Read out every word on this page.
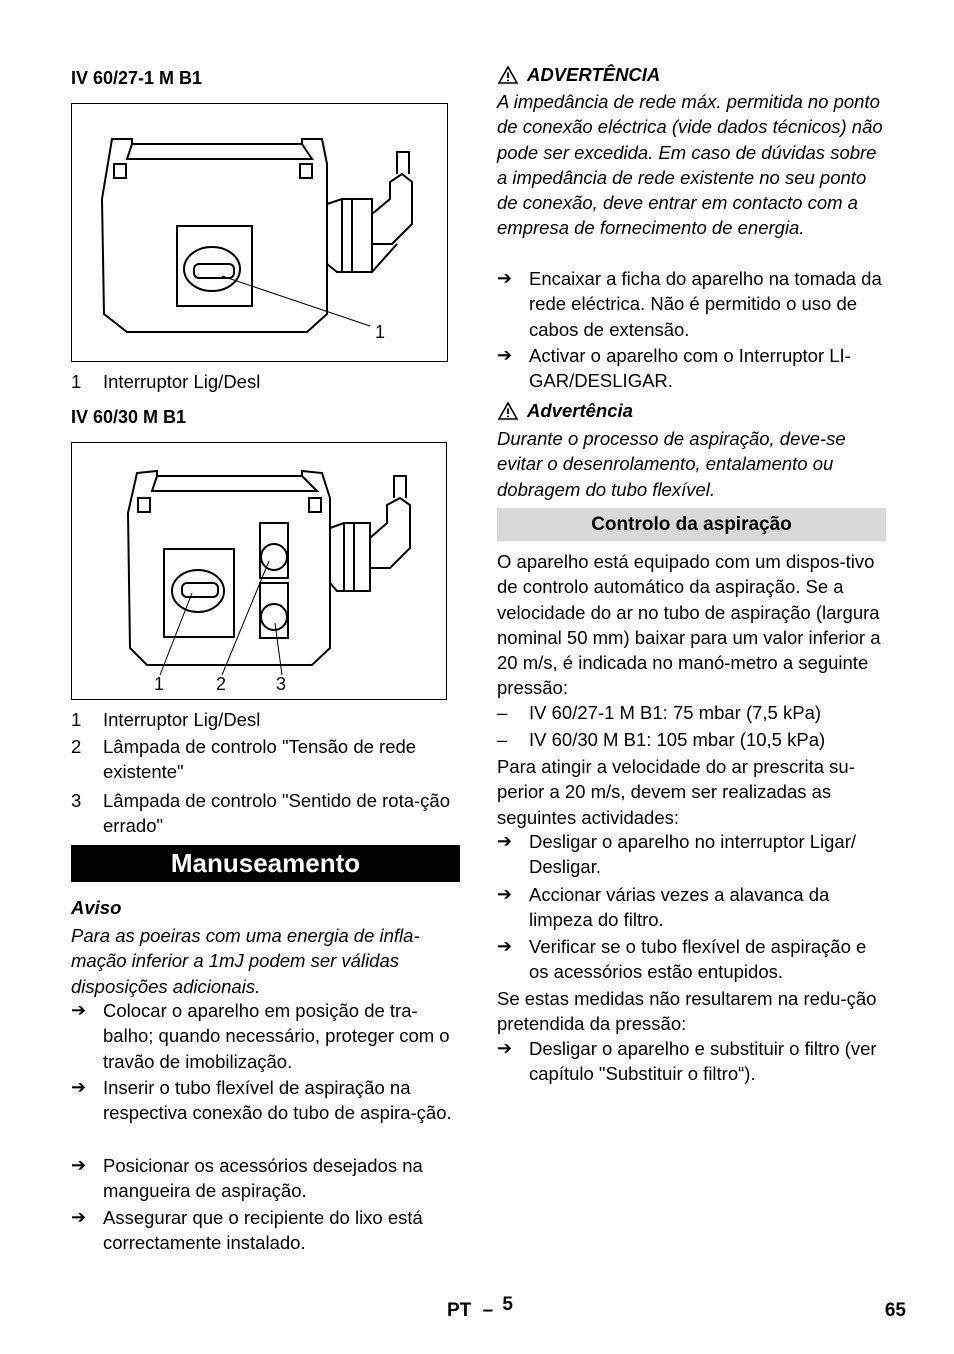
IV 60/27-1 M B1
1
1	Interruptor Lig/Desl
IV 60/30 M B1
1	2	3
1	Interruptor Lig/Desl
2	Lâmpada de controlo "Tensão de rede existente"
3	Lâmpada de controlo "Sentido de rota-ção errado"
Manuseamento
Aviso
Para as poeiras com uma energia de infla-mação inferior a 1mJ podem ser válidas disposições adicionais.
➔ Colocar o aparelho em posição de tra-balho; quando necessário, proteger com o travão de imobilização.
➔ Inserir o tubo flexível de aspiração na respectiva conexão do tubo de aspira-ção.
➔ Posicionar os acessórios desejados na mangueira de aspiração.
➔ Assegurar que o recipiente do lixo está correctamente instalado.
ADVERTÊNCIA
A impedância de rede máx. permitida no ponto de conexão eléctrica (vide dados técnicos) não pode ser excedida. Em caso de dúvidas sobre a impedância de rede existente no seu ponto de conexão, deve entrar em contacto com a empresa de fornecimento de energia.
➔ Encaixar a ficha do aparelho na tomada da rede eléctrica. Não é permitido o uso de cabos de extensão.
➔ Activar o aparelho com o Interruptor LI-GAR/DESLIGAR.
Advertência
Durante o processo de aspiração, deve-se evitar o desenrolamento, entalamento ou dobragem do tubo flexível.
Controlo da aspiração
O aparelho está equipado com um dispos-tivo de controlo automático da aspiração. Se a velocidade do ar no tubo de aspiração (largura nominal 50 mm) baixar para um valor inferior a 20 m/s, é indicada no manó-metro a seguinte pressão:
–	IV 60/27-1 M B1: 75 mbar (7,5 kPa)
–	IV 60/30 M B1: 105 mbar (10,5 kPa)
Para atingir a velocidade do ar prescrita su-perior a 20 m/s, devem ser realizadas as seguintes actividades:
➔ Desligar o aparelho no interruptor Ligar/ Desligar.
➔ Accionar várias vezes a alavanca da limpeza do filtro.
➔ Verificar se o tubo flexível de aspiração e os acessórios estão entupidos.
Se estas medidas não resultarem na redu-ção pretendida da pressão:
➔ Desligar o aparelho e substituir o filtro (ver capítulo "Substituir o filtro“).
PT – 5	65
